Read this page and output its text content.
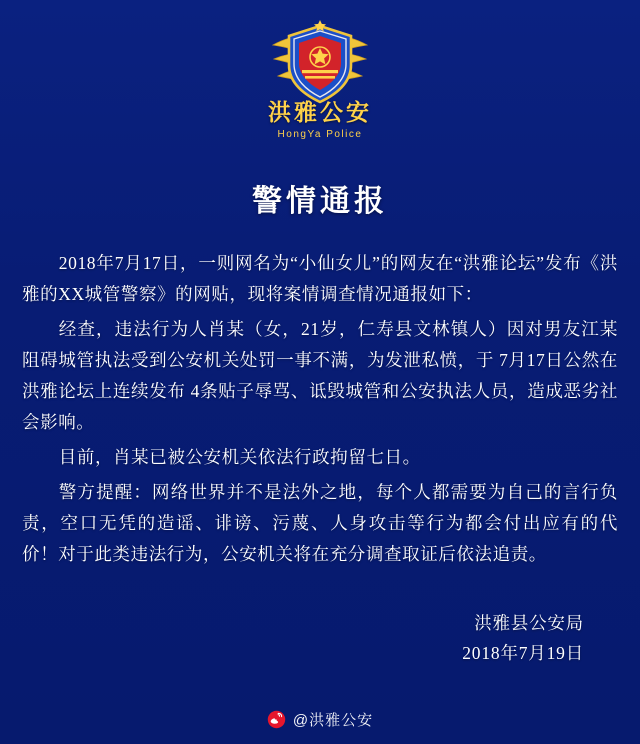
洪雅公安
HongYa Police
警情通报

2018年7月17日，一则网名为“小仙女儿”的网友在“洪雅论坛”发布《洪雅的XX城管警察》的网贴，现将案情调查情况通报如下：

经查，违法行为人肖某（女，21岁，仁寿县文林镇人）因对男友江某阻碍城管执法受到公安机关处罚一事不满，为发泄私愤，于 7月17日公然在洪雅论坛上连续发布 4条贴子辱骂、诋毁城管和公安执法人员，造成恶劣社会影响。

目前，肖某已被公安机关依法行政拘留七日。

警方提醒：网络世界并不是法外之地，每个人都需要为自己的言行负责，空口无凭的造谣、诽谤、污蔑、人身攻击等行为都会付出应有的代价！对于此类违法行为，公安机关将在充分调查取证后依法追责。

洪雅县公安局
2018年7月19日
@洪雅公安
